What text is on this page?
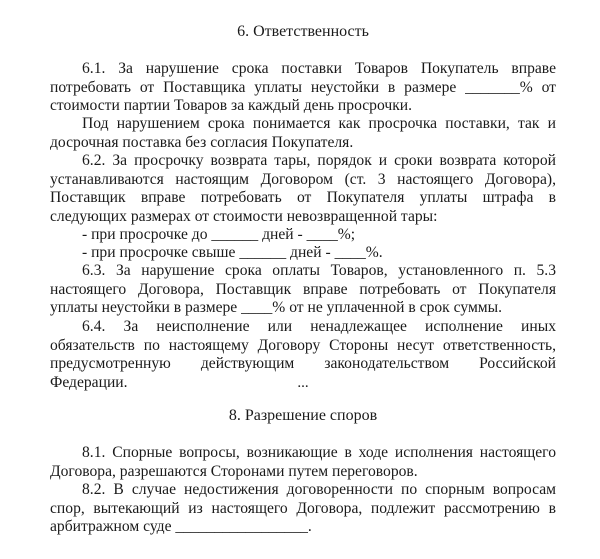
6. Ответственность

6.1. За нарушение срока поставки Товаров Покупатель вправе потребовать от Поставщика уплаты неустойки в размере _______% от стоимости партии Товаров за каждый день просрочки.

Под нарушением срока понимается как просрочка поставки, так и досрочная поставка без согласия Покупателя.

6.2. За просрочку возврата тары, порядок и сроки возврата которой устанавливаются настоящим Договором (ст. 3 настоящего Договора), Поставщик вправе потребовать от Покупателя уплаты штрафа в следующих размерах от стоимости невозвращенной тары:

- при просрочке до ______ дней - ____%;
- при просрочке свыше ______ дней - ____%.

6.3. За нарушение срока оплаты Товаров, установленного п. 5.3 настоящего Договора, Поставщик вправе потребовать от Покупателя уплаты неустойки в размере ____% от не уплаченной в срок суммы.

6.4. За неисполнение или ненадлежащее исполнение иных обязательств по настоящему Договору Стороны несут ответственность, предусмотренную действующим законодательством Российской Федерации.	...
8. Разрешение споров

8.1. Спорные вопросы, возникающие в ходе исполнения настоящего Договора, разрешаются Сторонами путем переговоров.

8.2. В случае недостижения договоренности по спорным вопросам спор, вытекающий из настоящего Договора, подлежит рассмотрению в арбитражном суде _________________.
